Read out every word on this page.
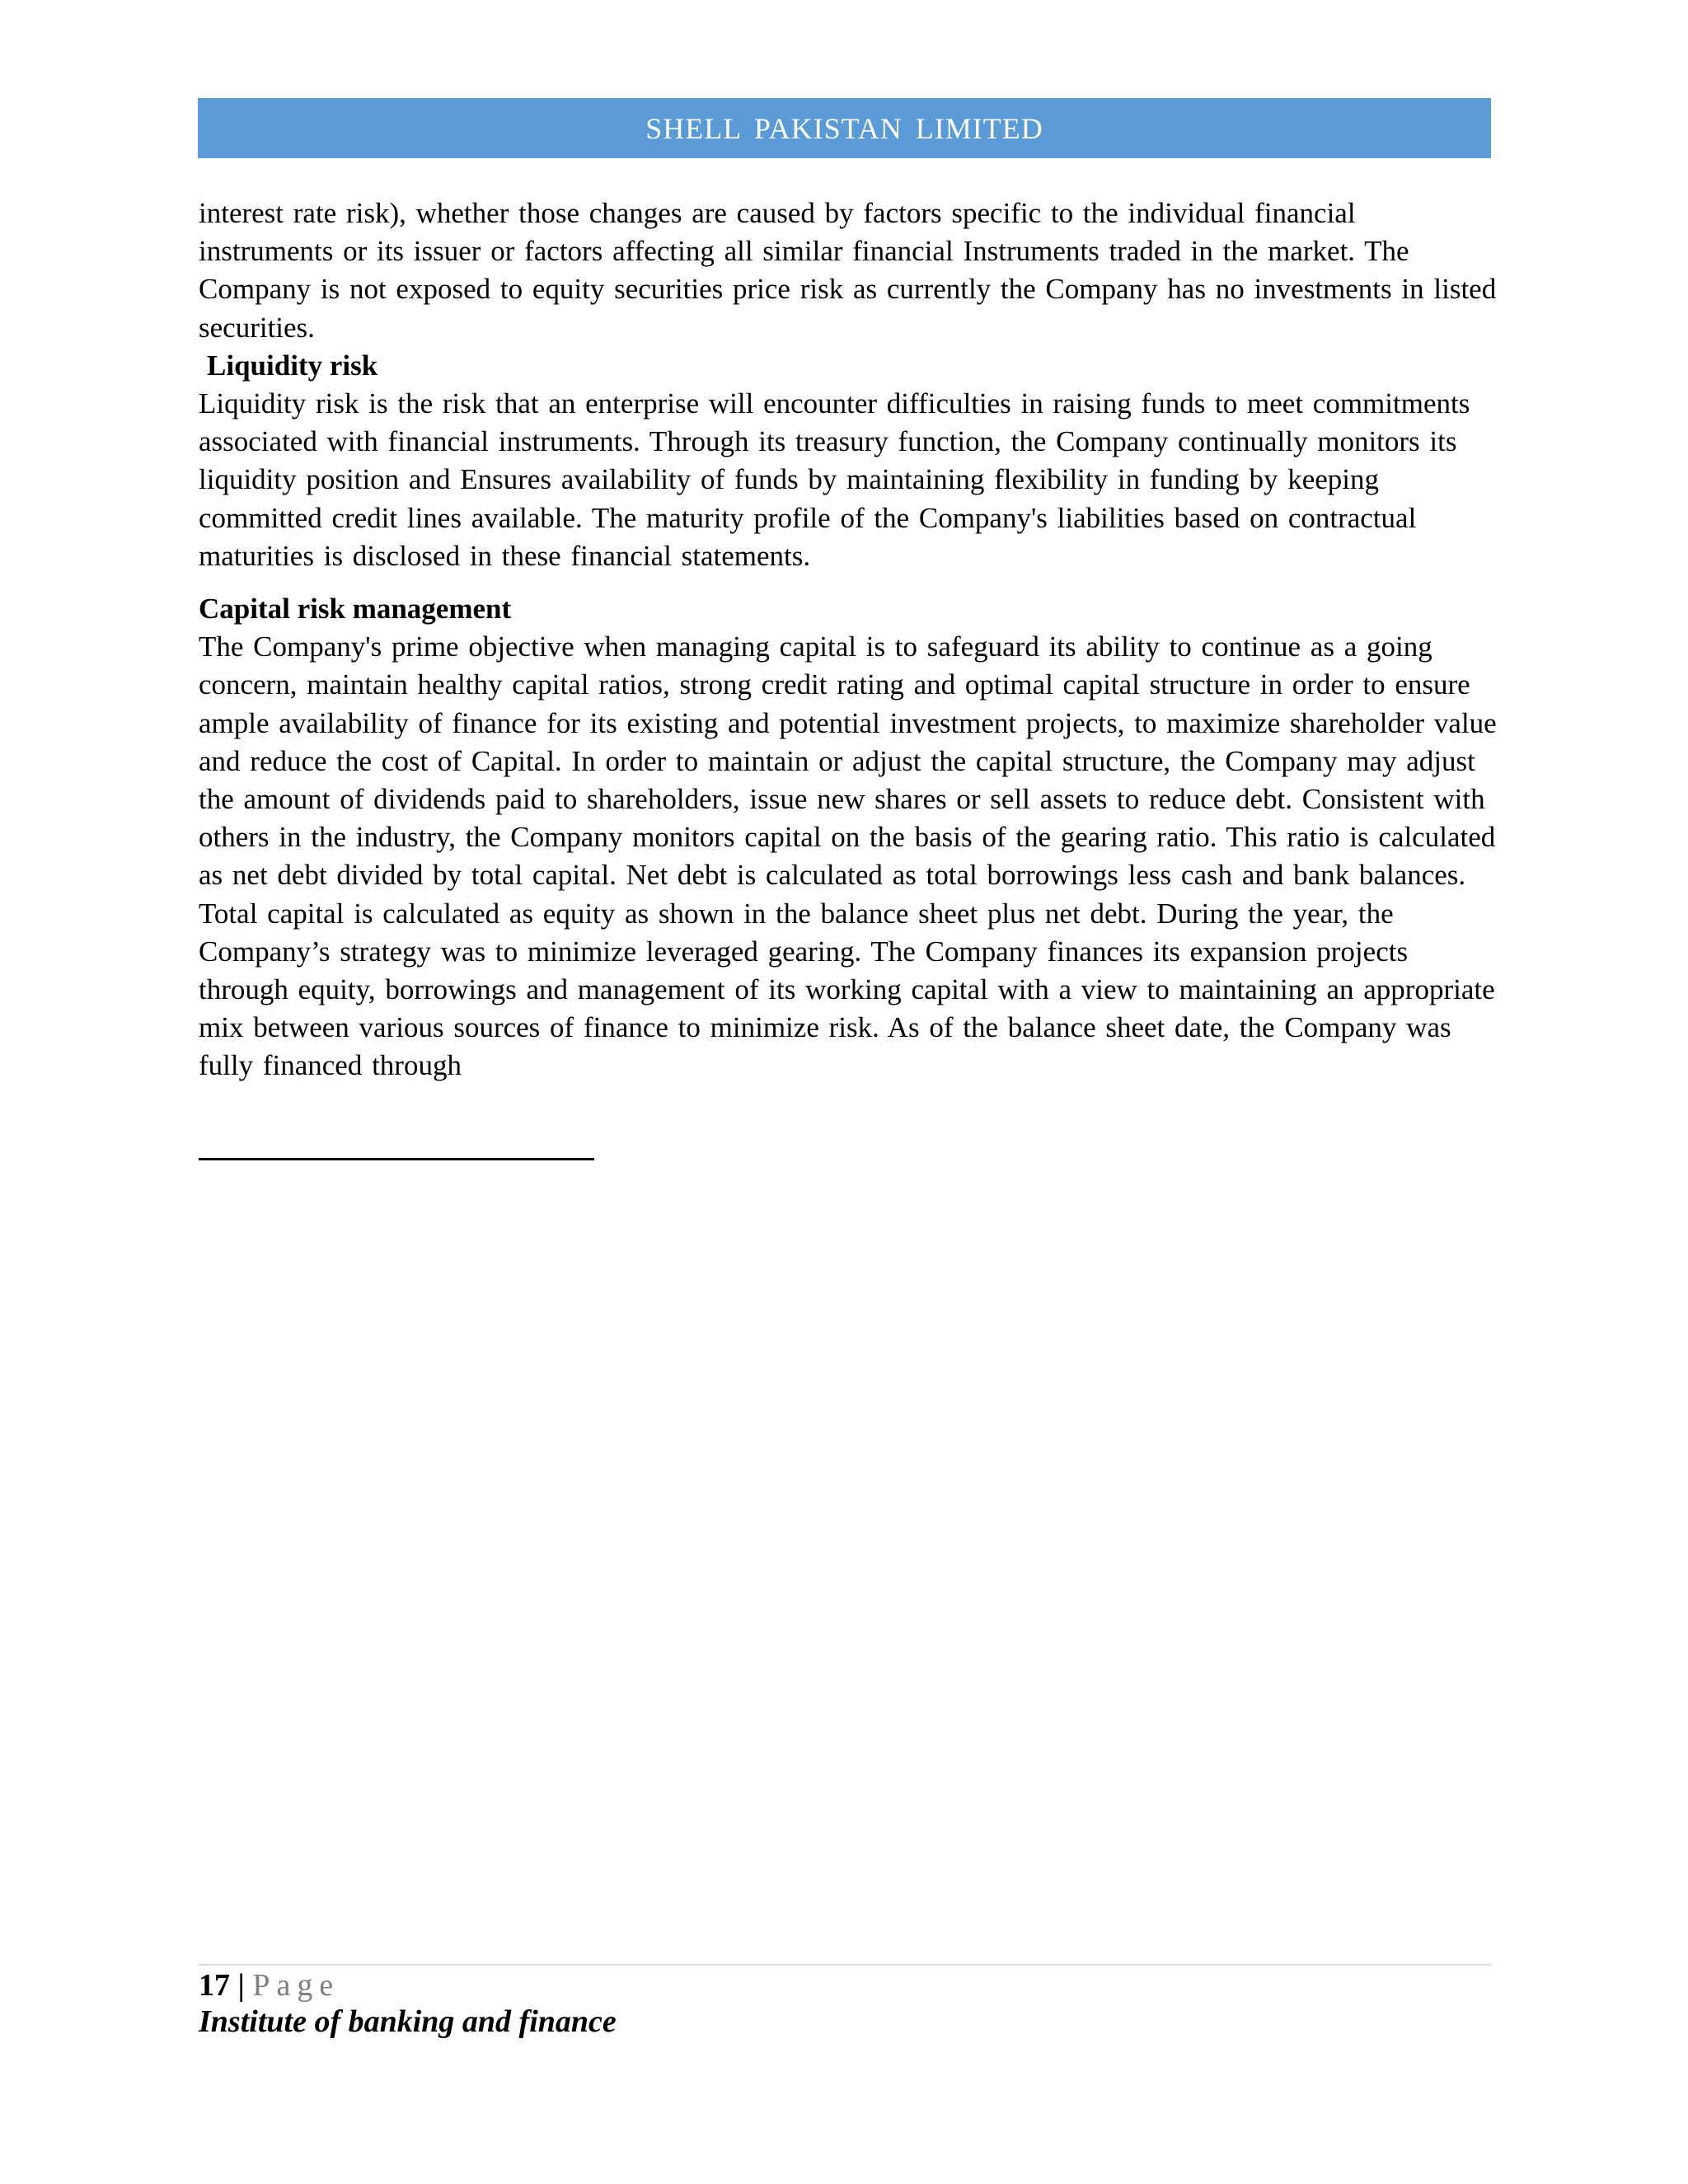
SHELL PAKISTAN LIMITED

interest rate risk), whether those changes are caused by factors specific to the individual financial instruments or its issuer or factors affecting all similar financial Instruments traded in the market. The Company is not exposed to equity securities price risk as currently the Company has no investments in listed securities.

Liquidity risk

Liquidity risk is the risk that an enterprise will encounter difficulties in raising funds to meet commitments associated with financial instruments. Through its treasury function, the Company continually monitors its liquidity position and Ensures availability of funds by maintaining flexibility in funding by keeping committed credit lines available. The maturity profile of the Company's liabilities based on contractual maturities is disclosed in these financial statements.

Capital risk management

The Company's prime objective when managing capital is to safeguard its ability to continue as a going concern, maintain healthy capital ratios, strong credit rating and optimal capital structure in order to ensure ample availability of finance for its existing and potential investment projects, to maximize shareholder value and reduce the cost of Capital. In order to maintain or adjust the capital structure, the Company may adjust the amount of dividends paid to shareholders, issue new shares or sell assets to reduce debt. Consistent with others in the industry, the Company monitors capital on the basis of the gearing ratio. This ratio is calculated as net debt divided by total capital. Net debt is calculated as total borrowings less cash and bank balances. Total capital is calculated as equity as shown in the balance sheet plus net debt. During the year, the Company’s strategy was to minimize leveraged gearing. The Company finances its expansion projects through equity, borrowings and management of its working capital with a view to maintaining an appropriate mix between various sources of finance to minimize risk. As of the balance sheet date, the Company was fully financed through

17 | Page
Institute of banking and finance
